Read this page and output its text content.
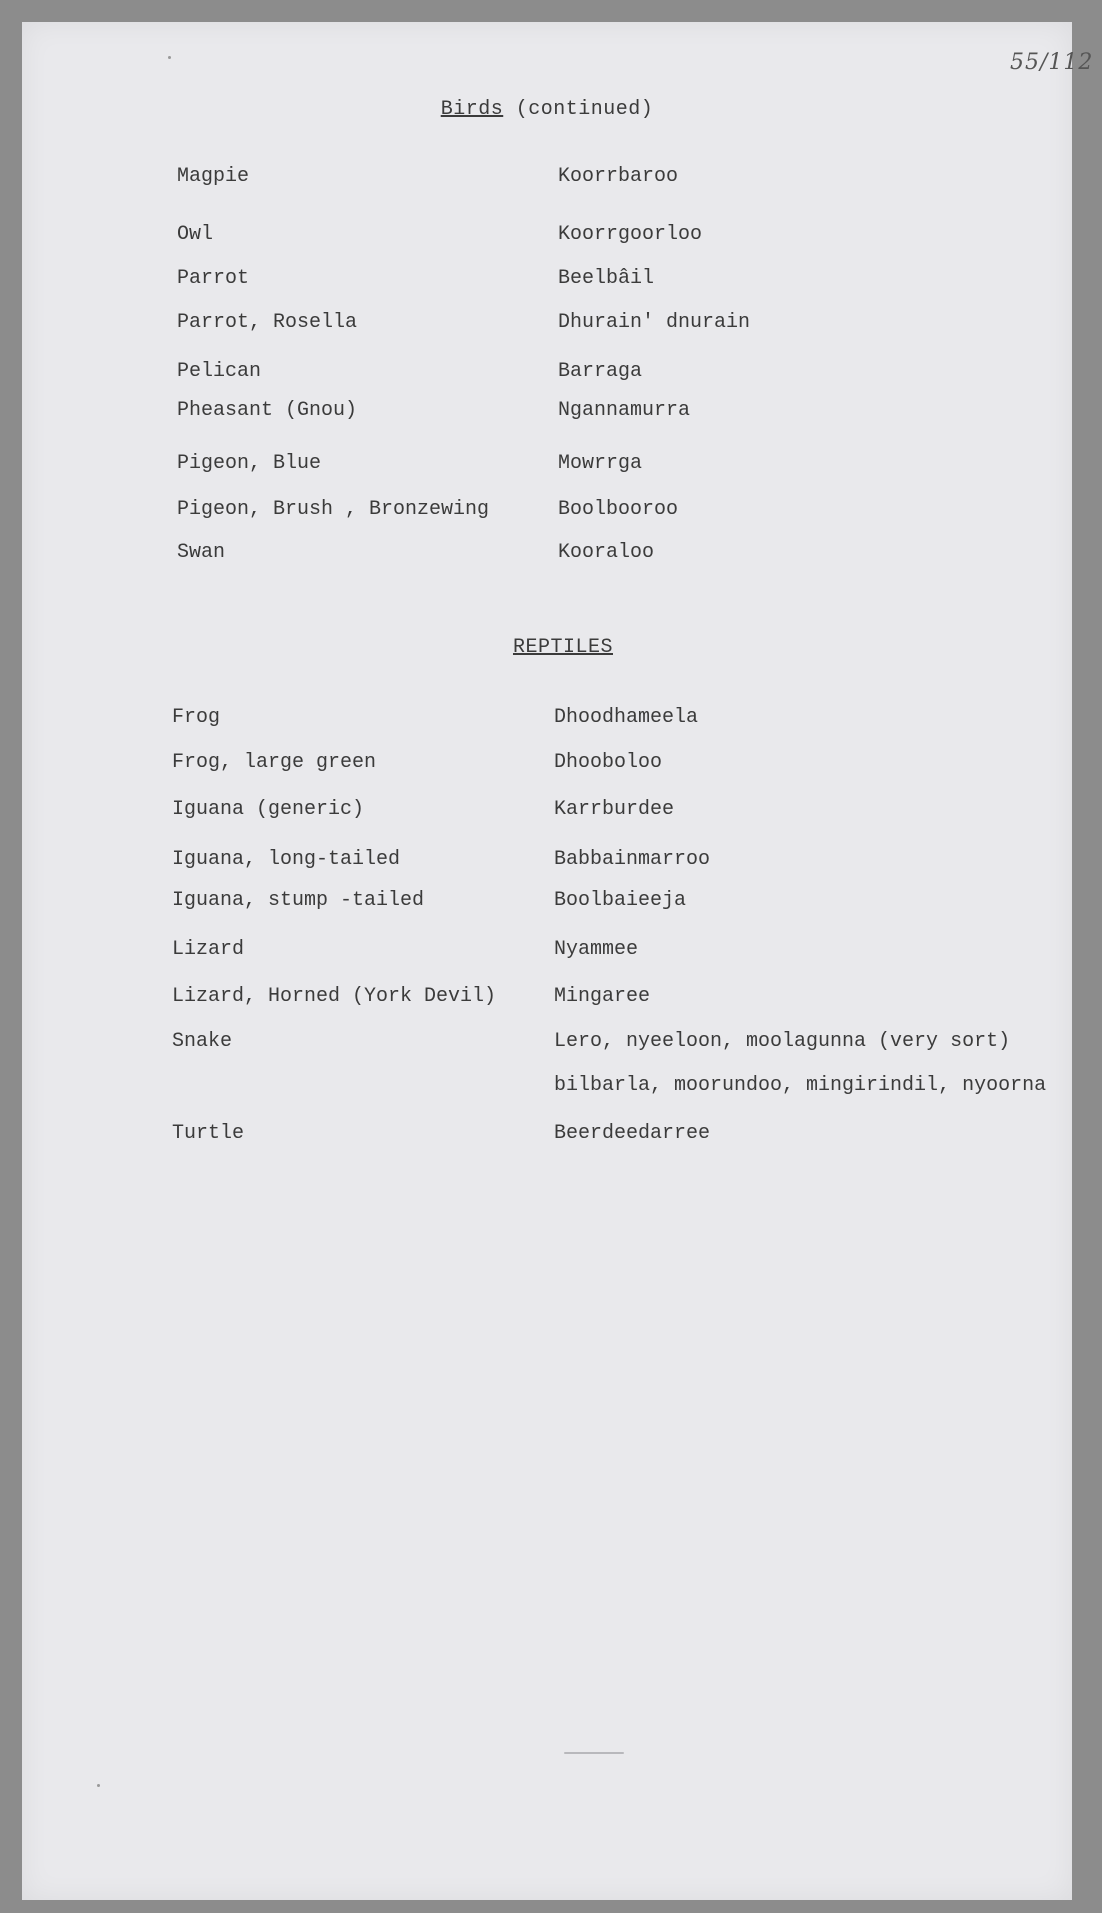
55/112
Birds (continued)
Magpie	Koorrbaroo
Owl	Koorrgoorloo
Parrot	Beelbâil
Parrot, Rosella	Dhurain' dnurain
Pelican	Barraga
Pheasant (Gnou)	Ngannamurra
Pigeon, Blue	Mowrrga
Pigeon, Brush , Bronzewing	Boolbooroo
Swan	Kooraloo
REPTILES
Frog	Dhoodhameela
Frog, large green	Dhooboloo
Iguana (generic)	Karrburdee
Iguana, long-tailed	Babbainmarroo
Iguana, stump -tailed	Boolbaieeja
Lizard	Nyammee
Lizard, Horned (York Devil)	Mingaree
Snake	Lero, nyeeloon, moolagunna (very sort)
bilbarla, moorundoo, mingirindil, nyoorna
Turtle	Beerdeedarree
